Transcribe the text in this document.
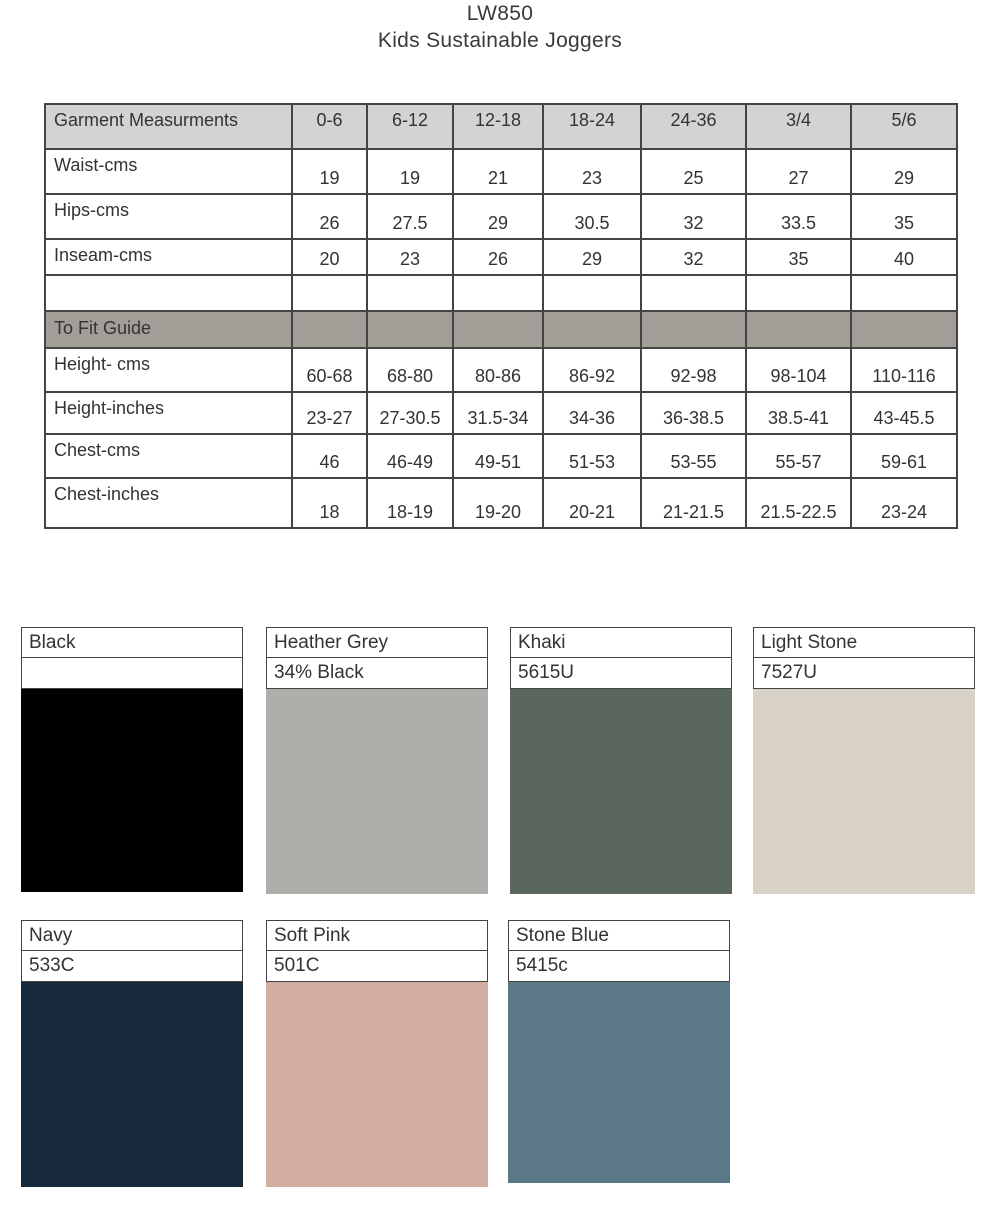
LW850
Kids Sustainable Joggers
Garment Measurments	0-6	6-12	12-18	18-24	24-36	3/4	5/6
Waist-cms	19	19	21	23	25	27	29
Hips-cms	26	27.5	29	30.5	32	33.5	35
Inseam-cms	20	23	26	29	32	35	40

To Fit Guide							
Height- cms	60-68	68-80	80-86	86-92	92-98	98-104	110-116
Height-inches	23-27	27-30.5	31.5-34	34-36	36-38.5	38.5-41	43-45.5
Chest-cms	46	46-49	49-51	51-53	53-55	55-57	59-61
Chest-inches	18	18-19	19-20	20-21	21-21.5	21.5-22.5	23-24
Black	Heather Grey
34% Black
Khaki
5615U
Light Stone
7527U
Navy
533C
Soft Pink
501C
Stone Blue
5415c
